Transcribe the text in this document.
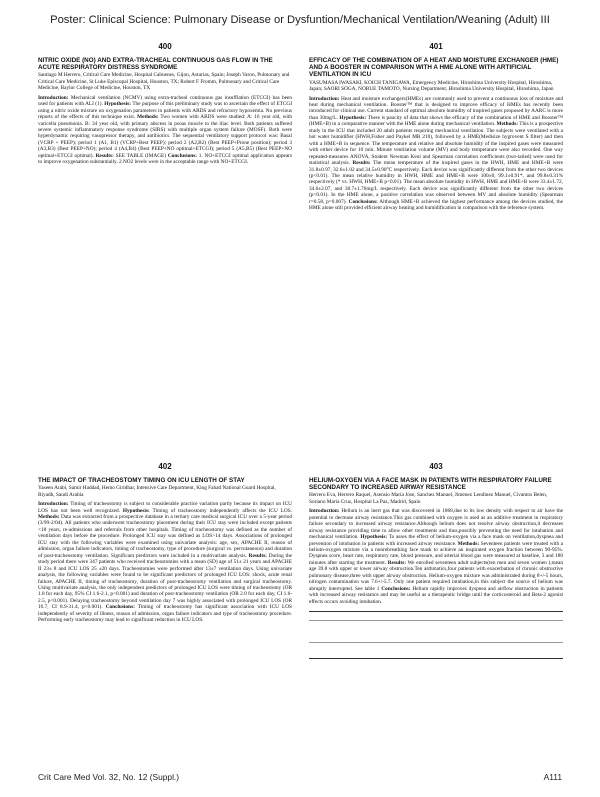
Poster: Clinical Science: Pulmonary Disease or Dysfuntion/Mechanical Ventilation/Weaning (Adult) III
400
NITRIC OXIDE (NO) AND EXTRA-TRACHEAL CONTINUOUS GAS FLOW IN THE ACUTE RESPIRATORY DISTRESS SYNDROME
Santiago M Herrero, Critical Care Medicine, Hospital Cabuenes, Gijon, Asturias, Spain; Joseph Varon, Pulmonary and Critical Care Medicine, St Luke Episcopal Hospital, Houston, TX; Robert F Fromm, Pulmonary and Critical Care Medicine, Baylor College of Medicine, Houston, TX

Introduction: Mechanical ventilation (NCMV) using extra-tracheal continuous gas insufflation (ETCGI) has been used for patients with ALI (1). Hypothesis: The purpose of this preliminary study was to ascertain the effect of ETCGI using a nitric oxide mixture on oxygenation parameters in patients with ARDS and refractory hypoxemia. No previous reports of the effects of this technique exist. Methods: Two women with ARDS were studied: A: 16 year old, with varicella pneumonia. B: 34 year old, with primary abscess in psoas muscle to the iliac level. Both patients suffered severe systemic inflammatory response syndrome (SIRS) with multiple organ system failure (MOSF). Both were hyperdynamic requiring vasopressor therapy, and antibiotics. The sequential ventilatory support protocol was: Basal (VCRP + PEEP); period 1 (A1, B1) (VCRP+Best PEEP); period 2 (A2,B2) (Best PEEP+Prone position); period 3 (A3,B3) (Best PEEP+NO); period 4 (A4,B4) (Best PEEP+NO optimal+ETCGI); period 5 (A5,B5) (Best PEEP+NO optimal+ETCGI optimal). Results: SEE TABLE (IMAGE) Conclusions: 1. NO+ETCGI optimal application appears to improve oxygenation substantially. 2.NO2 levels were in the acceptable range with NO+ETCGI.

401
EFFICACY OF THE COMBINATION OF A HEAT AND MOISTURE EXCHANGER (HME) AND A BOOSTER IN COMPARISON WITH A HME ALONE WITH ARTIFICIAL VENTILATION IN ICU
YASUMASA IWASAKI, KOICH TANIGAWA, Emergency Medicine, Hiroshima University Hospital, Hiroshima, Japan; SAORI SOGA, NOBUE TAMOTO, Nursing Department, Hiroshima University Hospital, Hiroshima, Japan

Introduction: Heat and moisture exchangers(HMEs) are commonly used to prevent a continuous loss of moisture and heat during mechanical ventilation. Booster™ that is designed to improve efficacy of HMEs has recently been introduced for clinical use. Current standard of optimal absolute humidity of inspired gases proposed by AARC is more than 30mg/L. Hypothesis: There is paucity of data that shows the efficacy of the combination of HME and Booster™ (HME+B) in a comparative manner with the HME alone during mechanical ventilation. Methods: This is a prospective study in the ICU that included 20 adult patients requiring mechanical ventilation. The subjects were ventilated with a hot water humidifier (HWH,Fisher and Paykel MR 210), followed by a HME(Medisize hygrovent S filter) and then with a HME+B in sequence. The temperature and relative and absolute humidity of the inspired gases were measured with either device for 10 min. Minute ventilation volume (MV) and body temperature were also recorded. One way repeated-measures ANOVA, Student Newman Keul and Spearman correlation coefficients (two-tailed) were used for statistical analysis. Results: The mean temperature of the inspired gases in the HWH, HME and HME+B were 31.8±0.97, 32.6±1.02 and 34.5±0.90°C respectively. Each device was significantly different from the other two devices (p<0.01). The mean relative humidity in HWH, HME and HME+B were 100±0, 99.1±0.91*, and 99.8±0.31% respectively (* vs. HWH, HME+B p<0.01). The mean absolute humidity in HWH, HME and HME+B were 33.4±1.72, 34.6±2.07, and 38.7±1.76mg/L respectively. Each device was significantly different from the other two devices (p<0.01). In the HME alone, a positive correlation was observed between MV and absolute humidity (Spearman r=0.58, p=0.007). Conclusions: Although HME+B achieved the highest performance among the devices studied, the HME alone still provided efficient airway heating and humidification in comparison with the reference system.

402
THE IMPACT OF TRACHEOSTOMY TIMING ON ICU LENGTH OF STAY
Yaseen Arabi, Samir Haddad, Hemo Giridhar, Intensive Care Department, King Fahad National Guard Hospital, Riyadh, Saudi Arabia

Introduction: Timing of tracheostomy is subject to considerable practice variation partly because its impact on ICU LOS has not been well recognized. Hypothesis: Timing of tracheostomy independently affects the ICU LOS. Methods: Data was extracted from a prospective database in a tertiary care medical surgical ICU over a 5-year period (3/99-2/04). All patients who underwent tracheostomy placement during their ICU stay were included except patients <18 years, re-admissions and referrals from other hospitals. Timing of tracheostomy was defined as the number of ventilation days before the procedure. Prolonged ICU stay was defined as LOS>14 days. Associations of prolonged ICU stay with the following variables were examined using univariate analysis: age, sex, APACHE II, reason of admission, organ failure indicators, timing of tracheostomy, type of procedure (surgical vs. percutaneous) and duration of post-tracheostomy ventilation. Significant predictors were included in a multivariate analysis. Results: During the study period there were 347 patients who received tracheostomies with a mean (SD) age of 51± 21 years and APACHE II 23± 8 and ICU LOS 25 ±20 days. Tracheostomies were performed after 13±7 ventilation days. Using univariate analysis, the following variables were found to be significant predictors of prolonged ICU LOS: shock, acute renal failure, APACHE II, timing of tracheostomy, duration of post-tracheostomy ventilation and surgical tracheostomy. Using multivariate analysis, the only independent predictors of prolonged ICU LOS were timing of tracheostomy (OR 1.8 for each day, 95% CI 1.6-2.1, p<0.001) and duration of post-tracheostomy ventilation (OR 2.0 for each day, CI 1.6-2.5, p<0.001). Delaying tracheostomy beyond ventilation day 7 was highly associated with prolonged ICU LOS (OR 16.7, CI 8.9-31.4, p<0.001). Conclusions: Timing of tracheostomy has significant association with ICU LOS independently of severity of illness, reason of admission, organ failure indicators and type of tracheostomy procedure. Performing early tracheostomy may lead to significant reduction in ICU LOS.

403
HELIUM-OXYGEN VIA A FACE MASK IN PATIENTS WITH RESPIRATORY FAILURE SECONDARY TO INCREASED AIRWAY RESISTANCE
Herrero Eva, Herrero Raquel, Asensio Maria Jose, Sanchez Manuel, Jimenez Lendinez Manuel, Civantos Belen, Soriano Maria Cruz, Hospital La Paz, Madrid, Spain

Introduction: Helium is an inert gas that was discovered in 1868,due to its low density with respect to air have the potential to decrease airway resistance.This gas combined with oxygen is used as an additive treatment in respiratory failure secondary to increased airway resistance.Although helium does not resolve airway obstruction,it decreases airway resistance providing time to allow other treatments and thus,possibly preventing the need for intubation and mechanical ventilation. Hypothesis: To asses the effect of helium-oxygen via a face mask on ventilation,dyspnea and prevention of intubation in patients with increased airway resistance. Methods: Seventeen patients were treated with a helium-oxygen mixture via a nonrebreathing face mask to achieve an inspirated oxygen fraction between 90-95%. Dyspnea score, heart rate, respiratory rate, blood pressure, and arterial blood gas were measured at baseline, 3 and 180 minutes after starting the treatment. Results: We enrolled seventeen adult subjects(ten men and seven women ),mean age 39.8 with upper or lower airway obstruction.Ten asthmatics,four patients with exacerbation of chronic obstructive pulmonary disease,three with upper airway obstruction. Helium-oxygen mixture was administrated during 8+/-5 hours, nitrogen contamination was 7.6+/-5.7. Only one patient required intubation,in this subject the source of helium was abruptly interrupted. See table 1 Conclusions: Helium rapidly improves dyspnea and airflow obstruction in patients with increased airway resistance and may be useful as a therapeutic bridge until the corticosteroid and Beta-2 agonist effects occurs avoiding intubation.

Crit Care Med Vol. 32, No. 12 (Suppl.)	A111
